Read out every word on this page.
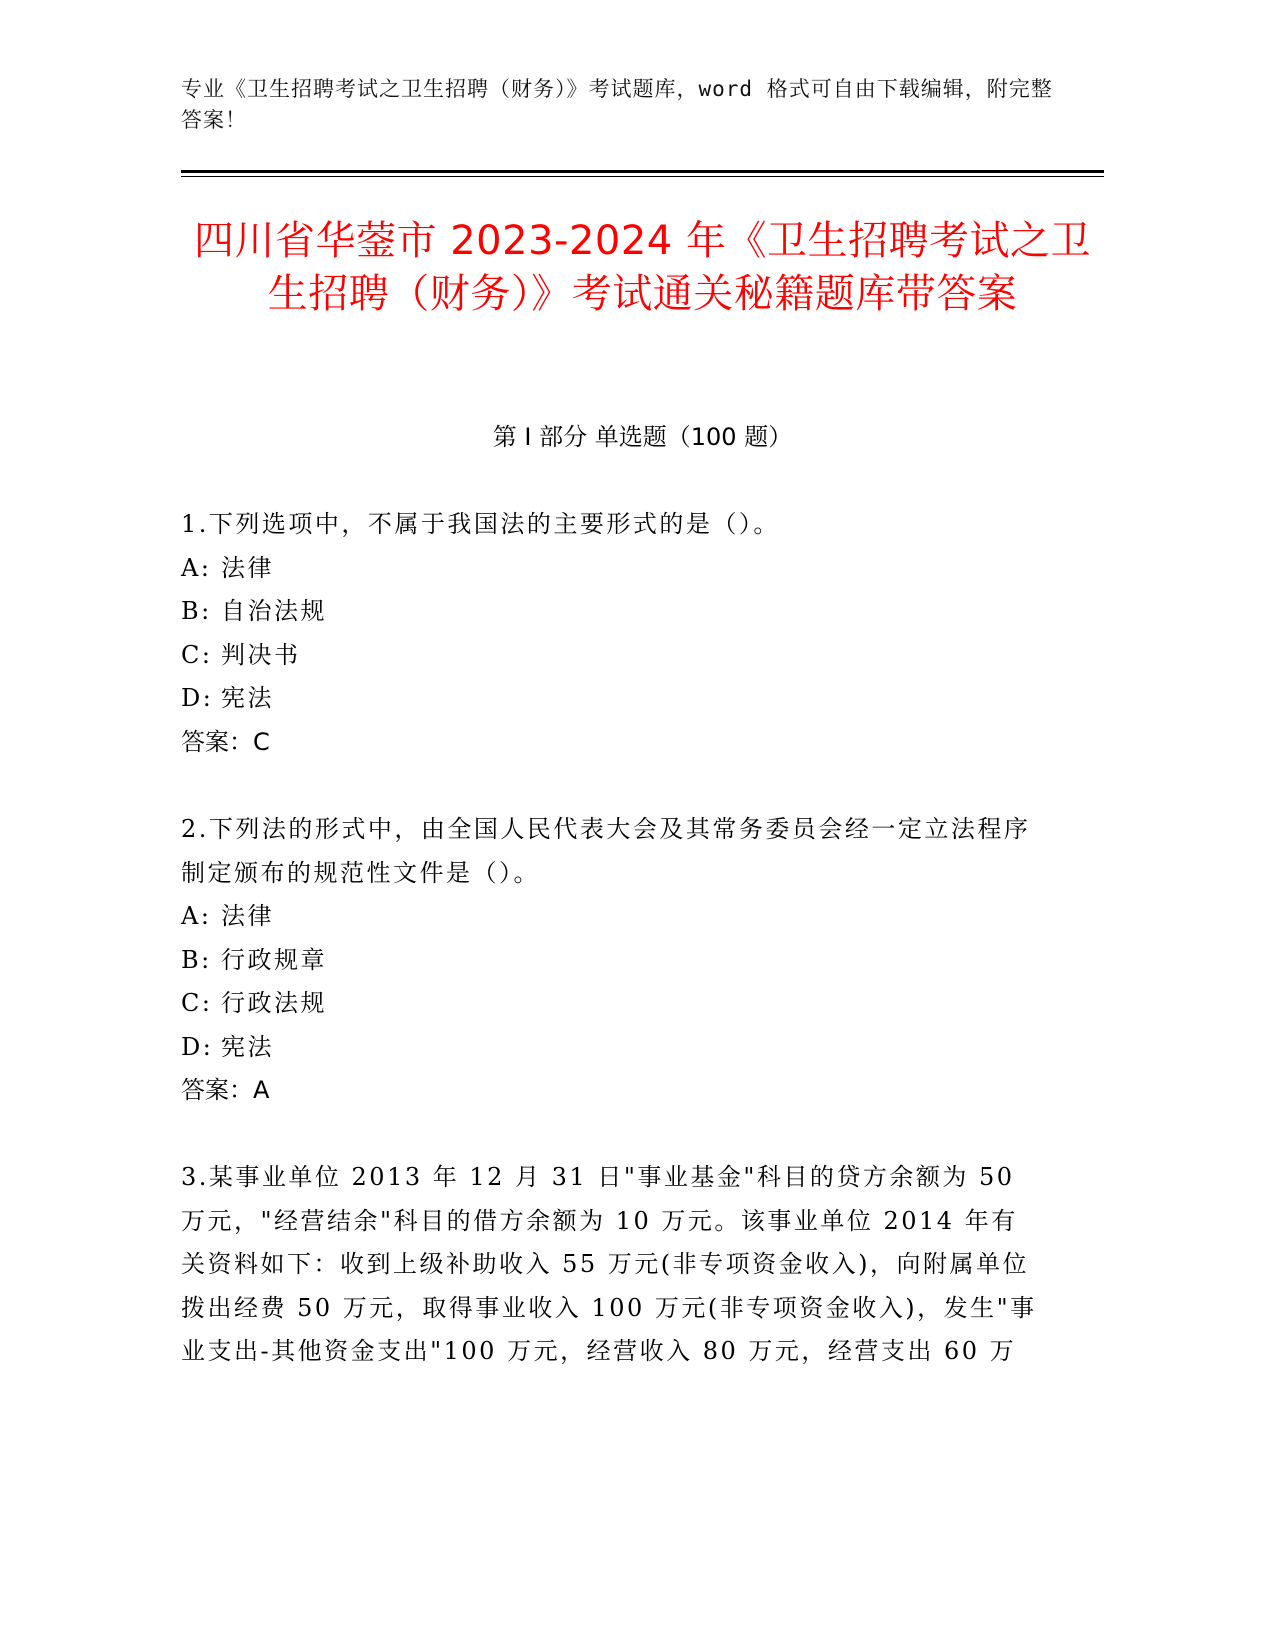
专业《卫生招聘考试之卫生招聘（财务）》考试题库，word 格式可自由下载编辑，附完整答案！
四川省华蓥市 2023-2024 年《卫生招聘考试之卫生招聘（财务）》考试通关秘籍题库带答案
第 I 部分 单选题（100 题）

1.下列选项中，不属于我国法的主要形式的是（）。

A: 法律

B: 自治法规

C: 判决书

D: 宪法

答案：C

2.下列法的形式中，由全国人民代表大会及其常务委员会经一定立法程序制定颁布的规范性文件是（）。

A: 法律

B: 行政规章

C: 行政法规

D: 宪法

答案：A

3.某事业单位 2013 年 12 月 31 日"事业基金"科目的贷方余额为 50 万元，"经营结余"科目的借方余额为 10 万元。该事业单位 2014 年有关资料如下：收到上级补助收入 55 万元(非专项资金收入)，向附属单位拨出经费 50 万元，取得事业收入 100 万元(非专项资金收入)，发生"事业支出-其他资金支出"100 万元，经营收入 80 万元，经营支出 60 万
